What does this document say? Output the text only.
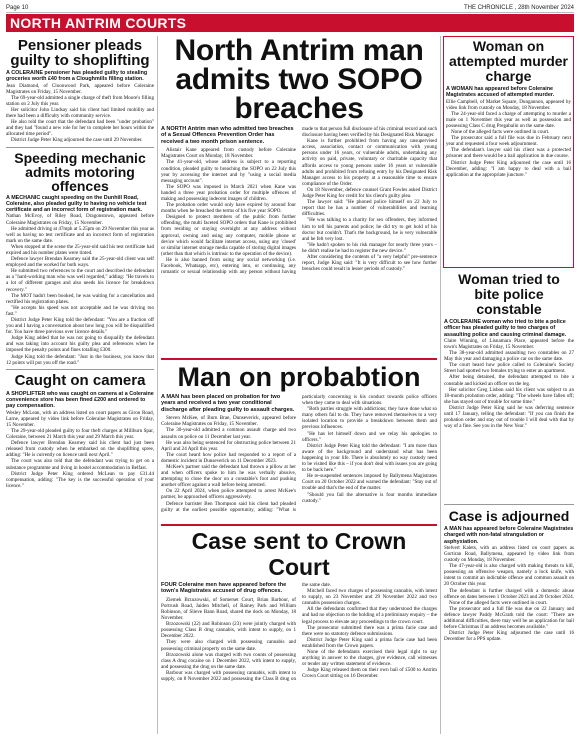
Page 10	THE CHRONICLE , 28th November 2024
NORTH ANTRIM COURTS
Pensioner pleads guilty to shoplifting
A COLERAINE pensioner has pleaded guilty to stealing groceries worth £40 from a Cloughmills filling station.

Jean Diamond, of Cloonwood Park, appeared before Coleraine Magistrates on Friday, 15 November.

The 69-year-old admitted a single charge of theft from Moore's filling station on 2 July this year.

Her solicitor John Lindsay said his client had limited mobility and there had been a difficulty with community service.

He also told the court that the defendant had been "under probation" and they had "found a new role for her to complete her hours within the allocated time period".

District Judge Peter King adjourned the case until 29 November.

Speeding mechanic admits motoring offences
A MECHANIC caught speeding on the Dunhill Road, Coleraine, also pleaded guilty to having no vehicle test certificate and an incorrect form of registration mark.

Nathan McEvoy, of Riley Road, Dragonstown, appeared before Coleraine Magistrates on Friday, 15 November.

He admitted driving at 47mph at 5.25pm on 29 November this year as well as having no test certificate and an incorrect form of registration mark on the same date.

When stopped at the scene the 25-year-old said his test certificate had expired and his number plates were tinted.

Defence lawyer Brendan Kearney said the 25-year-old client was self employed and the worked for both ways.

He submitted two references to the court and described the defendant as a "hard-working man who was well regarded," adding: "He travels to a lot of different garages and also needs his licence for breakdown recovery."

The MOT hadn't been booked, he was waiting for a cancellation and rectified his registration plates.

"He accepts his speed was not acceptable and he was driving too fast."

District Judge Peter King told the defendant: "You are a fraction off you and I having a conversation about how long you will be disqualified for. You have three previous over licence details."

Judge King added that he was not going to disqualify the defendant and was taking into account his guilty plea and references when he imposed the penalty points and fines totalling £300.

Judge King told the defendant: "Just in the business, you know that 12 points will put you off the road."

Caught on camera
A SHOPLIFTER who was caught on camera at a Coleraine convenience store has been fined £200 and ordered to pay compensation.

Wesley McLean, with an address listed on court papers as Giron Road, Larne, appeared by video link before Coleraine Magistrates on Friday, 15 November.

The 29-year-old pleaded guilty to four theft charges at Millburn Spar, Coleraine, between 21 March this year and 29 March this year.

Defence lawyer Brendan Kearney said his client had just been released from custody when he embarked on the shoplifting spree, adding: "He is currently on licence until next April."

The court was also told that the defendant was trying to get on a substance programme and living in hostel accommodation in Belfast.

District Judge Peter King ordered McLean to pay £31.44 compensation, adding: "The key is the successful operation of your licence."

North Antrim man admits two SOPO breaches
A NORTH Antrim man who admitted two breaches of a Sexual Offences Prevention Order has received a two month prison sentence.

Alistair Kane appeared from custody before Coleraine Magistrates Court on Monday, 18 November.

The 41-year-old, whose address is subject to a reporting condition, pleaded guilty to breaching the SOPO on 22 July this year by accessing the internet and by "using a social media messaging account".

The SOPO was imposed in March 2021 when Kane was handed a three year probation order for multiple offences of making and possessing indecent images of children.

The probation order would only have expired by around four months when he breached the terms of his five year SOPO.

Designed to protect members of the public from further offending, the multi faceted SOPO orders that Kane is prohibited from residing or staying overnight at any address without approval, owning and using any computer, mobile phone or device which would facilitate internet access, using any 'closed' or similar internet storage media capable of storing digital images (other than that which is intrinsic to the operation of the device).

He is also banned from using any social networking (i.e. Facebook, Whatsapp, etc), entering into, or continuing, any romantic or sexual relationship with any person without having made to that person full disclosure of his criminal record and such disclosure having been verified by his Designated Risk Manager.

Kane is further prohibited from having any unsupervised access, association, contact or communication with young persons under 16 years, or vulnerable adults, undertaking any activity on paid, private, voluntary or charitable capacity that affords access to young persons under 16 years or vulnerable adults and prohibited from refusing entry by his Designated Risk Manager access to his property at a reasonable time to ensure compliance of the Order.

On 18 November, defence counsel Grant Fowles asked District Judge Peter King for credit for his client's guilty plea.

The lawyer said: "He phoned police himself on 22 July to report that he has a number of vulnerabilities and learning difficulties.

"He was talking to a charity for sex offenders, they informed him to tell his parents and police; he did try to get hold of his doctor but couldn't. That's the background, he is very vulnerable and he felt very lost.

"He hadn't spoken to his risk manager for nearly three years – he didn't realise he had to register the new device."

After considering the contents of "a very helpful" pre-sentence report, Judge King said: "It is very difficult to see how further breaches could result in lesser periods of custody."

Man on probabtion
A MAN has been placed on probation for two years and received a two year conditional discharge after pleading guilty to assault charges.

Steven McKee, of Burn Brae, Dunseverick, appeared before Coleraine Magistrates on Friday, 15 November.

The 30-year-old admitted a common assault charge and two assaults on police on 11 December last year.

He was also being sentenced for obstructing police between 21 April and 24 April this year.

The court heard how police had responded to a report of a domestic incident in Dunseverick on 11 December 2023.

McKee's partner said the defendant had thrown a pillow at her and when officers spoke to him he was verbally abusive, attempting to close the door on a constable's foot and pushing another officer against a wall before being arrested.

On 22 April 2024, when police attempted to arrest McKee's partner, he approached officers aggressively.

Defence barrister Ben Thompson said his client had pleaded guilty at the earliest possible opportunity, adding: "What is particularly concerning is his conduct towards police officers when they came to deal with situations.

"Both parties struggle with addictions; they have done what so many others fail to do. They have removed themselves to a very isolated location to provide a breakdown between them and previous influences.

"He has let himself down and we relay his apologies to officers."

District Judge Peter King told the defendant: "I am more than aware of the background and understand what has been happening in your life. There is absolutely no way custody need to be visited like this – if you don't deal with issues you are going to be back here."

He re-suspended sentences imposed by Ballymena Magistrates Court on 20 October 2022 and warned the defendant: "Stay out of trouble and that's the end of the matter.

"Should you fail the alternative is four months immediate custody."

Case sent to Crown Court
FOUR Coleraine men have appeared before the town's Magistrates accused of drug offences.

Ziemek Brzozowski, of Somerset Court, Brian Barbour, of Portrush Road, Jaiden Mitchell, of Rainey Park and William Robinson, of Slieve Bann Road, shared the dock on Monday, 18 November.

Brzozowski (22) and Robinson (23) were jointly charged with possessing Class B drug cannabis, with intent to supply, on 1 December 2022.

They were also charged with possessing cannabis and possessing criminal property on the same date.

Brzozowski alone was charged with two counts of possessing class A drug cocaine on 1 December 2022, with intent to supply, and possessing the drug on the same date.

Barbour was charged with possessing cannabis, with intent to supply, on 8 November 2022 and possessing the Class B drug on the same date.

Mitchell faced two charges of possessing cannabis, with intent to supply, on 23 November and 29 November 2022 and two cannabis possession charges.

All the defendants confirmed that they understood the charges and had no objection to the holding of a preliminary enquiry – the legal process to elevate any proceedings to the crown court.

The prosecutor submitted there was a prima facie case and there were no statutory defence submissions.

District Judge Peter King said a prima facie case had been established from the Crown papers.

None of the defendants exercised their legal right to say anything in answer to the charges, give evidence, call witnesses or tender any written statement of evidence.

Judge King released them on their own bail of £500 to Antrim Crown Court sitting on 16 December.

Woman on attempted murder charge
A WOMAN has appeared before Coleraine Magistrates accused of attempted murder.

Ellie Campbell, of Market Square, Dungannon, appeared by video link from custody on Monday, 18 November.

The 24-year-old faced a charge of attempting to murder a male on 1 November this year as well as possession and possessing Class C drug Pregabalin on the same date.

None of the alleged facts were outlined in court.

The prosecutor said a full file was due in February next year and requested a four week adjournment.

The defendant's lawyer said his client was a protected prisoner and there would be a bail application in due course.

District Judge Peter King adjourned the case until 16 December, adding: "I am happy to deal with a bail application at the appropriate juncture."

Woman tried to bite police constable
A COLERAINE woman who tried to bite a police officer has pleaded guilty to two charges of assaulting police and causing criminal damage.

Claire Winning, of Lisnamara Place, appeared before the town's Magistrates on Friday, 15 November.

The 38-year-old admitted assaulting two constables on 27 May this year and damaging a police car on the same date.

The court heard how police called to Coleraine's Society Street had spotted two females trying to enter an apartment.

After being detained, the defendant attempted to bite a constable and kicked an officer on the leg.

Her solicitor Greg Lisbon said his client was subject to an 18-month probation order, adding: "The wheels have fallen off; she has stayed out of trouble for some time."

District Judge Peter King said he was deferring sentence until 17 January, telling the defendant: "If you can finish the probation order and stay out of trouble I will deal with that by way of a fine. See you in the New Year."

Case is adjourned
A MAN has appeared before Coleraine Magistrates charged with non-fatal strangulation or asphyxiation.

Stelvert Kalets, with an address listed on court papers as Gortiran Road, Ballymena, appeared by video link from custody on Monday, 18 November.

The 47-year-old is also charged with making threats to kill, possessing an offensive weapon, namely a lock knife, with intent to commit an indictable offence and common assault on 20 October this year.

The defendant is further charged with a domestic abuse offence on dates between 1 October 2023 and 20 October 2024.

None of the alleged facts were outlined in court.

The prosecutor and a full file was due on 22 January and defence lawyer Paddy McGrath told the court: "There are additional difficulties, there may well be an application for bail before Christmas if an address becomes available."

District Judge Peter King adjourned the case until 16 December for a PPS update.
